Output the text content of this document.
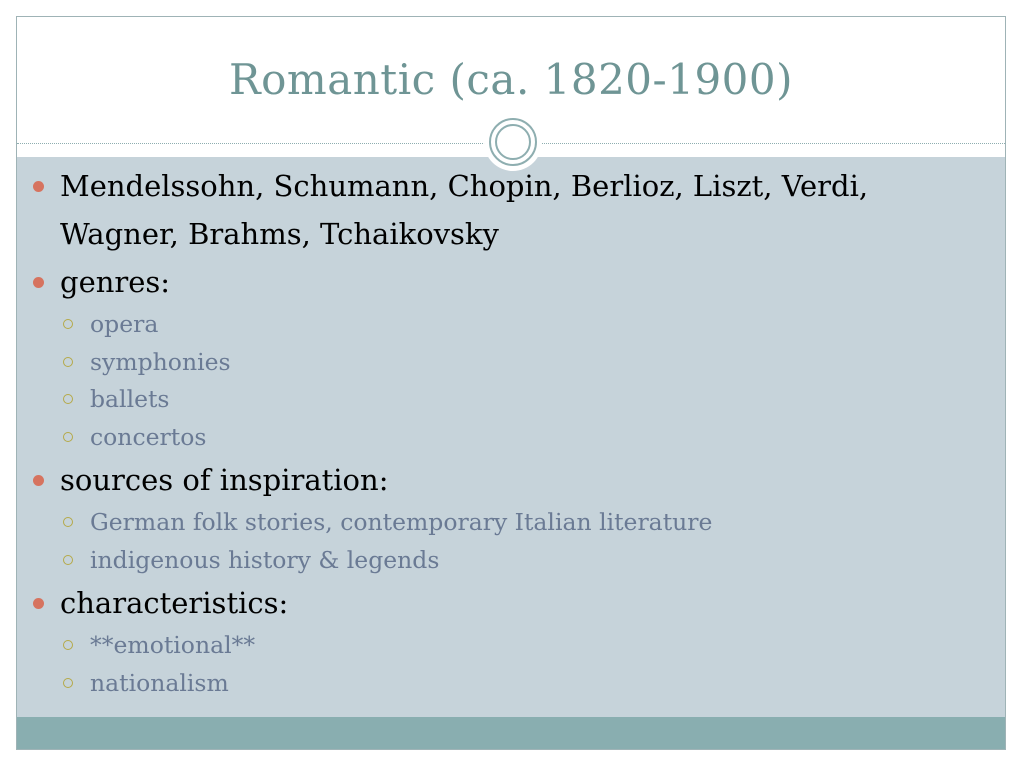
Romantic (ca. 1820-1900)
Mendelssohn, Schumann, Chopin, Berlioz, Liszt, Verdi, Wagner, Brahms, Tchaikovsky
genres:
opera
symphonies
ballets
concertos
sources of inspiration:
German folk stories, contemporary Italian literature
indigenous history & legends
characteristics:
**emotional**
nationalism
